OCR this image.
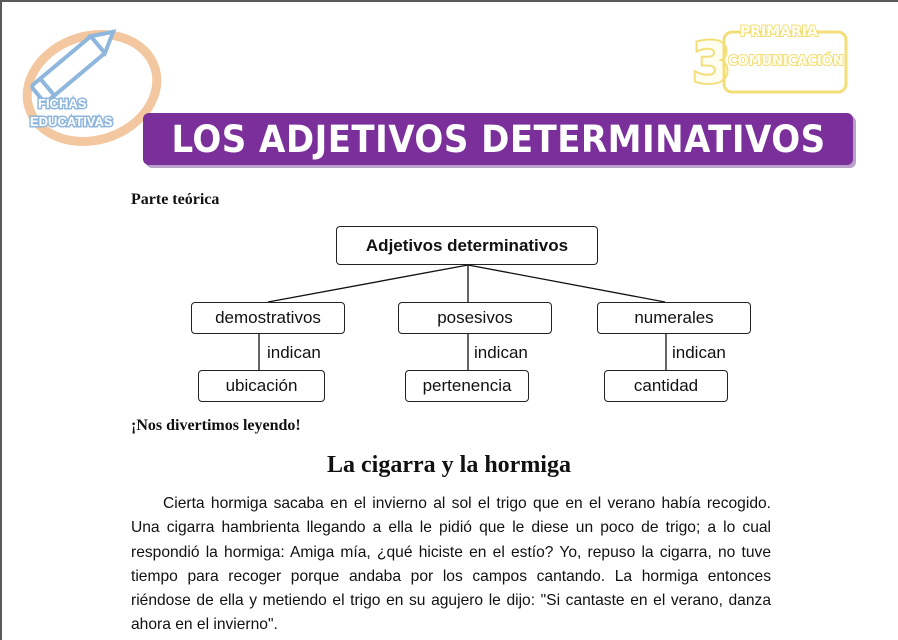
FICHAS
EDUCATIVAS
3 PRIMARIA
COMUNICACIÓN
LOS ADJETIVOS DETERMINATIVOS
Parte teórica
Adjetivos determinativos
demostrativos	posesivos	numerales
indican	indican	indican
ubicación	pertenencia	cantidad
¡Nos divertimos leyendo!
La cigarra y la hormiga

Cierta hormiga sacaba en el invierno al sol el trigo que en el verano había recogido. Una cigarra hambrienta llegando a ella le pidió que le diese un poco de trigo; a lo cual respondió la hormiga: Amiga mía, ¿qué hiciste en el estío? Yo, repuso la cigarra, no tuve tiempo para recoger porque andaba por los campos cantando. La hormiga entonces riéndose de ella y metiendo el trigo en su agujero le dijo: "Si cantaste en el verano, danza ahora en el invierno".
